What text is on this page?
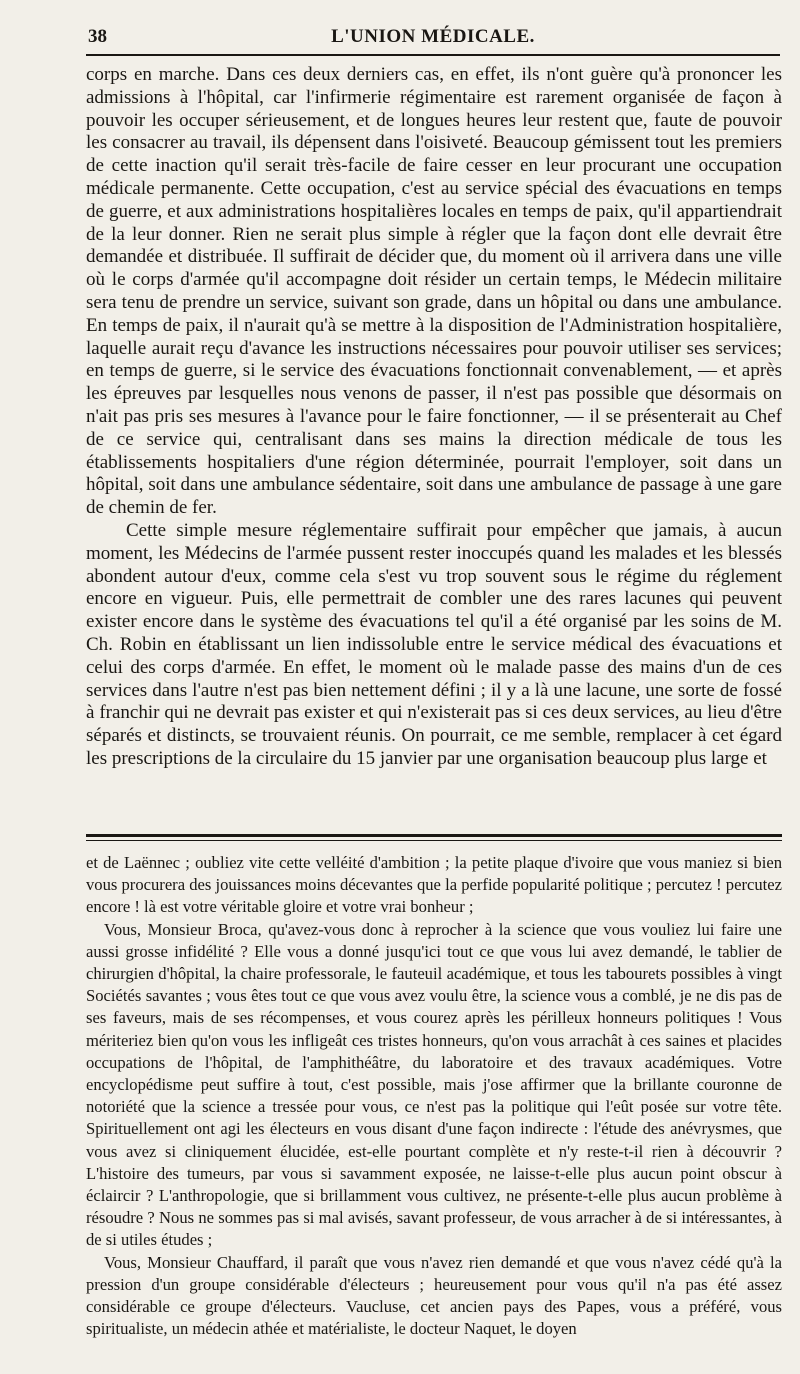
38	L'UNION MÉDICALE.

corps en marche. Dans ces deux derniers cas, en effet, ils n'ont guère qu'à prononcer les admissions à l'hôpital, car l'infirmerie régimentaire est rarement organisée de façon à pouvoir les occuper sérieusement, et de longues heures leur restent que, faute de pouvoir les consacrer au travail, ils dépensent dans l'oisiveté. Beaucoup gémissent tout les premiers de cette inaction qu'il serait très-facile de faire cesser en leur procurant une occupation médicale permanente. Cette occupation, c'est au service spécial des évacuations en temps de guerre, et aux administrations hospitalières locales en temps de paix, qu'il appartiendrait de la leur donner. Rien ne serait plus simple à régler que la façon dont elle devrait être demandée et distribuée. Il suffirait de décider que, du moment où il arrivera dans une ville où le corps d'armée qu'il accompagne doit résider un certain temps, le Médecin militaire sera tenu de prendre un service, suivant son grade, dans un hôpital ou dans une ambulance. En temps de paix, il n'aurait qu'à se mettre à la disposition de l'Administration hospitalière, laquelle aurait reçu d'avance les instructions nécessaires pour pouvoir utiliser ses services; en temps de guerre, si le service des évacuations fonctionnait convenablement, — et après les épreuves par lesquelles nous venons de passer, il n'est pas possible que désormais on n'ait pas pris ses mesures à l'avance pour le faire fonctionner, — il se présenterait au Chef de ce service qui, centralisant dans ses mains la direction médicale de tous les établissements hospitaliers d'une région déterminée, pourrait l'employer, soit dans un hôpital, soit dans une ambulance sédentaire, soit dans une ambulance de passage à une gare de chemin de fer.

Cette simple mesure réglementaire suffirait pour empêcher que jamais, à aucun moment, les Médecins de l'armée pussent rester inoccupés quand les malades et les blessés abondent autour d'eux, comme cela s'est vu trop souvent sous le régime du réglement encore en vigueur. Puis, elle permettrait de combler une des rares lacunes qui peuvent exister encore dans le système des évacuations tel qu'il a été organisé par les soins de M. Ch. Robin en établissant un lien indissoluble entre le service médical des évacuations et celui des corps d'armée. En effet, le moment où le malade passe des mains d'un de ces services dans l'autre n'est pas bien nettement défini ; il y a là une lacune, une sorte de fossé à franchir qui ne devrait pas exister et qui n'existerait pas si ces deux services, au lieu d'être séparés et distincts, se trouvaient réunis. On pourrait, ce me semble, remplacer à cet égard les prescriptions de la circulaire du 15 janvier par une organisation beaucoup plus large et

et de Laënnec ; oubliez vite cette velléité d'ambition ; la petite plaque d'ivoire que vous maniez si bien vous procurera des jouissances moins décevantes que la perfide popularité politique ; percutez ! percutez encore ! là est votre véritable gloire et votre vrai bonheur ;

Vous, Monsieur Broca, qu'avez-vous donc à reprocher à la science que vous vouliez lui faire une aussi grosse infidélité ? Elle vous a donné jusqu'ici tout ce que vous lui avez demandé, le tablier de chirurgien d'hôpital, la chaire professorale, le fauteuil académique, et tous les tabourets possibles à vingt Sociétés savantes ; vous êtes tout ce que vous avez voulu être, la science vous a comblé, je ne dis pas de ses faveurs, mais de ses récompenses, et vous courez après les périlleux honneurs politiques ! Vous mériteriez bien qu'on vous les infligeât ces tristes honneurs, qu'on vous arrachât à ces saines et placides occupations de l'hôpital, de l'amphithéâtre, du laboratoire et des travaux académiques. Votre encyclopédisme peut suffire à tout, c'est possible, mais j'ose affirmer que la brillante couronne de notoriété que la science a tressée pour vous, ce n'est pas la politique qui l'eût posée sur votre tête. Spirituellement ont agi les électeurs en vous disant d'une façon indirecte : l'étude des anévrysmes, que vous avez si cliniquement élucidée, est-elle pourtant complète et n'y reste-t-il rien à découvrir ? L'histoire des tumeurs, par vous si savamment exposée, ne laisse-t-elle plus aucun point obscur à éclaircir ? L'anthropologie, que si brillamment vous cultivez, ne présente-t-elle plus aucun problème à résoudre ? Nous ne sommes pas si mal avisés, savant professeur, de vous arracher à de si intéressantes, à de si utiles études ;

Vous, Monsieur Chauffard, il paraît que vous n'avez rien demandé et que vous n'avez cédé qu'à la pression d'un groupe considérable d'électeurs ; heureusement pour vous qu'il n'a pas été assez considérable ce groupe d'électeurs. Vaucluse, cet ancien pays des Papes, vous a préféré, vous spiritualiste, un médecin athée et matérialiste, le docteur Naquet, le doyen
